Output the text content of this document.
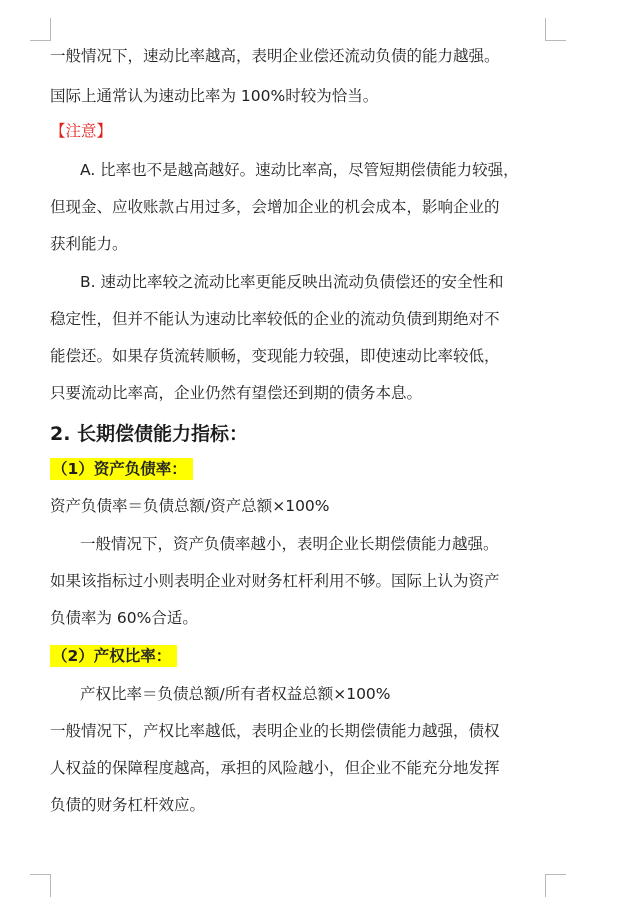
一般情况下，速动比率越高，表明企业偿还流动负债的能力越强。
国际上通常认为速动比率为 100%时较为恰当。
【注意】
A. 比率也不是越高越好。速动比率高，尽管短期偿债能力较强，
但现金、应收账款占用过多，会增加企业的机会成本，影响企业的
获利能力。
B. 速动比率较之流动比率更能反映出流动负债偿还的安全性和
稳定性，但并不能认为速动比率较低的企业的流动负债到期绝对不
能偿还。如果存货流转顺畅，变现能力较强，即使速动比率较低，
只要流动比率高，企业仍然有望偿还到期的债务本息。
2. 长期偿债能力指标：
（1）资产负债率：
资产负债率＝负债总额/资产总额×100%
一般情况下，资产负债率越小，表明企业长期偿债能力越强。
如果该指标过小则表明企业对财务杠杆利用不够。国际上认为资产
负债率为 60%合适。
（2）产权比率：
产权比率＝负债总额/所有者权益总额×100%
一般情况下，产权比率越低，表明企业的长期偿债能力越强，债权
人权益的保障程度越高，承担的风险越小，但企业不能充分地发挥
负债的财务杠杆效应。
